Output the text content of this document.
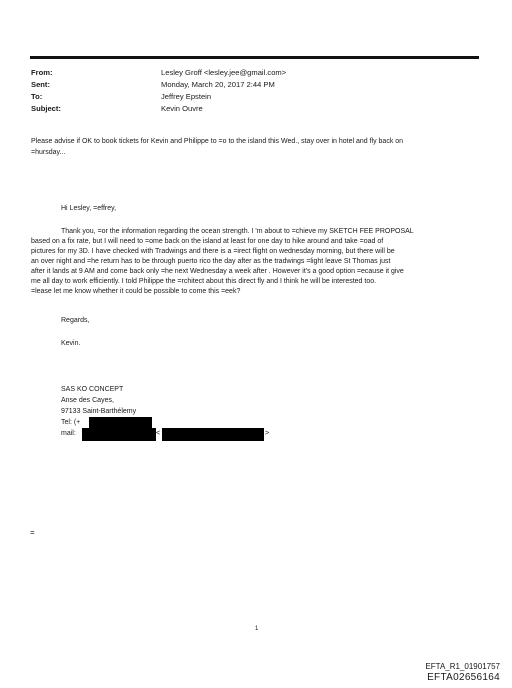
From:
Sent:
To:
Subject:
Lesley Groff <lesley.jee@gmail.com>
Monday, March 20, 2017 2:44 PM
Jeffrey Epstein
Kevin Ouvre
Please advise if OK to book tickets for Kevin and Philippe to =o to the island this Wed., stay over in hotel and fly back on
=hursday...
Hi Lesley, =effrey,
Thank you, =or the information regarding the ocean strength. I 'm about to =chieve my SKETCH FEE PROPOSAL
based on a fix rate, but I will need to =ome back on the island at least for one day to hike around and take =oad of
pictures for my 3D. I have checked with Tradwings and there is a =irect flight on wednesday morning, but there will be
an over night and =he return has to be through puerto rico the day after as the tradwings =light leave St Thomas just
after it lands at 9 AM and come back only =he next Wednesday a week after . However it's a good option =ecause it give
me all day to work efficiently. I told Philippe the =rchitect about this direct fly and I think he will be interested too.
=lease let me know whether it could be possible to come this =eek?
Regards,
Kevin.
SAS KO CONCEPT
Anse des Cayes,
97133 Saint-Barthélemy
Tel: (+
mail:	<	>
=
1
EFTA_R1_01901757
EFTA02656164
